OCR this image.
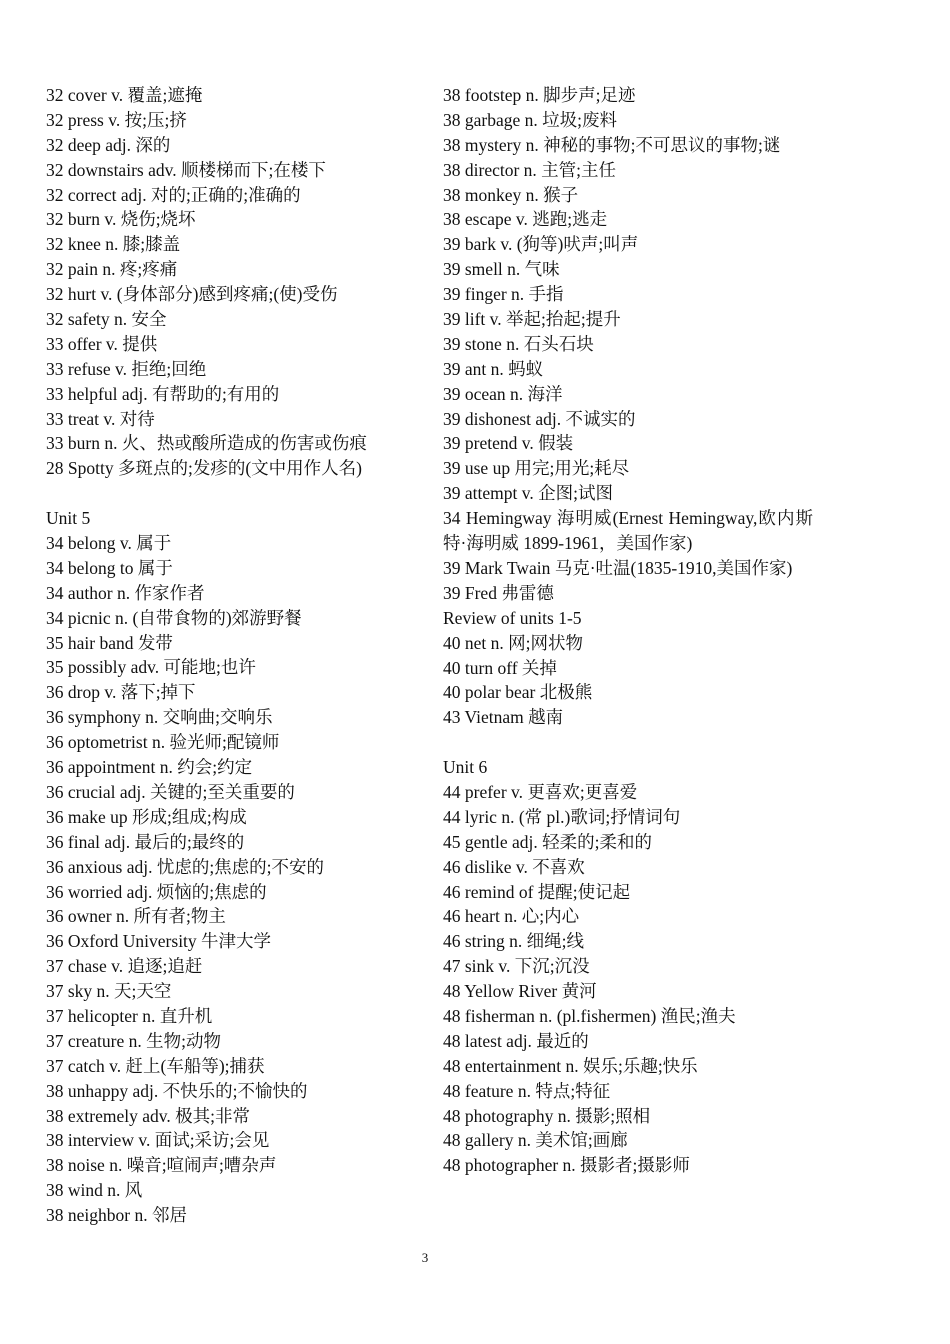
32 cover v. 覆盖;遮掩
32 press v. 按;压;挤
32 deep adj. 深的
32 downstairs adv. 顺楼梯而下;在楼下
32 correct adj. 对的;正确的;准确的
32 burn v. 烧伤;烧坏
32 knee n. 膝;膝盖
32 pain n. 疼;疼痛
32 hurt v. (身体部分)感到疼痛;(使)受伤
32 safety n. 安全
33 offer v. 提供
33 refuse v. 拒绝;回绝
33 helpful adj. 有帮助的;有用的
33 treat v. 对待
33 burn n. 火、热或酸所造成的伤害或伤痕
28 Spotty 多斑点的;发疹的(文中用作人名)
Unit 5
34 belong v. 属于
34 belong to 属于
34 author n. 作家作者
34 picnic n. (自带食物的)郊游野餐
35 hair band 发带
35 possibly adv. 可能地;也许
36 drop v. 落下;掉下
36 symphony n. 交响曲;交响乐
36 optometrist n. 验光师;配镜师
36 appointment n. 约会;约定
36 crucial adj. 关键的;至关重要的
36 make up 形成;组成;构成
36 final adj. 最后的;最终的
36 anxious adj. 忧虑的;焦虑的;不安的
36 worried adj. 烦恼的;焦虑的
36 owner n. 所有者;物主
36 Oxford University 牛津大学
37 chase v. 追逐;追赶
37 sky n. 天;天空
37 helicopter n. 直升机
37 creature n. 生物;动物
37 catch v. 赶上(车船等);捕获
38 unhappy adj. 不快乐的;不愉快的
38 extremely adv. 极其;非常
38 interview v. 面试;采访;会见
38 noise n. 噪音;喧闹声;嘈杂声
38 wind n. 风
38 neighbor n. 邻居
38 footstep n. 脚步声;足迹
38 garbage n. 垃圾;废料
38 mystery n. 神秘的事物;不可思议的事物;谜
38 director n. 主管;主任
38 monkey n. 猴子
38 escape v. 逃跑;逃走
39 bark v. (狗等)吠声;叫声
39 smell n. 气味
39 finger n. 手指
39 lift v. 举起;抬起;提升
39 stone n. 石头石块
39 ant n. 蚂蚁
39 ocean n. 海洋
39 dishonest adj. 不诚实的
39 pretend v. 假装
39 use up 用完;用光;耗尽
39 attempt v. 企图;试图
34 Hemingway 海明威(Ernest Hemingway,欧内斯特·海明威 1899-1961，美国作家)
39 Mark Twain 马克·吐温(1835-1910,美国作家)
39 Fred 弗雷德
Review of units 1-5
40 net n. 网;网状物
40 turn off 关掉
40 polar bear 北极熊
43 Vietnam 越南
Unit 6
44 prefer v. 更喜欢;更喜爱
44 lyric n. (常 pl.)歌词;抒情词句
45 gentle adj. 轻柔的;柔和的
46 dislike v. 不喜欢
46 remind of 提醒;使记起
46 heart n. 心;内心
46 string n. 细绳;线
47 sink v. 下沉;沉没
48 Yellow River 黄河
48 fisherman n. (pl.fishermen) 渔民;渔夫
48 latest adj. 最近的
48 entertainment n. 娱乐;乐趣;快乐
48 feature n. 特点;特征
48 photography n. 摄影;照相
48 gallery n. 美术馆;画廊
48 photographer n. 摄影者;摄影师
3
